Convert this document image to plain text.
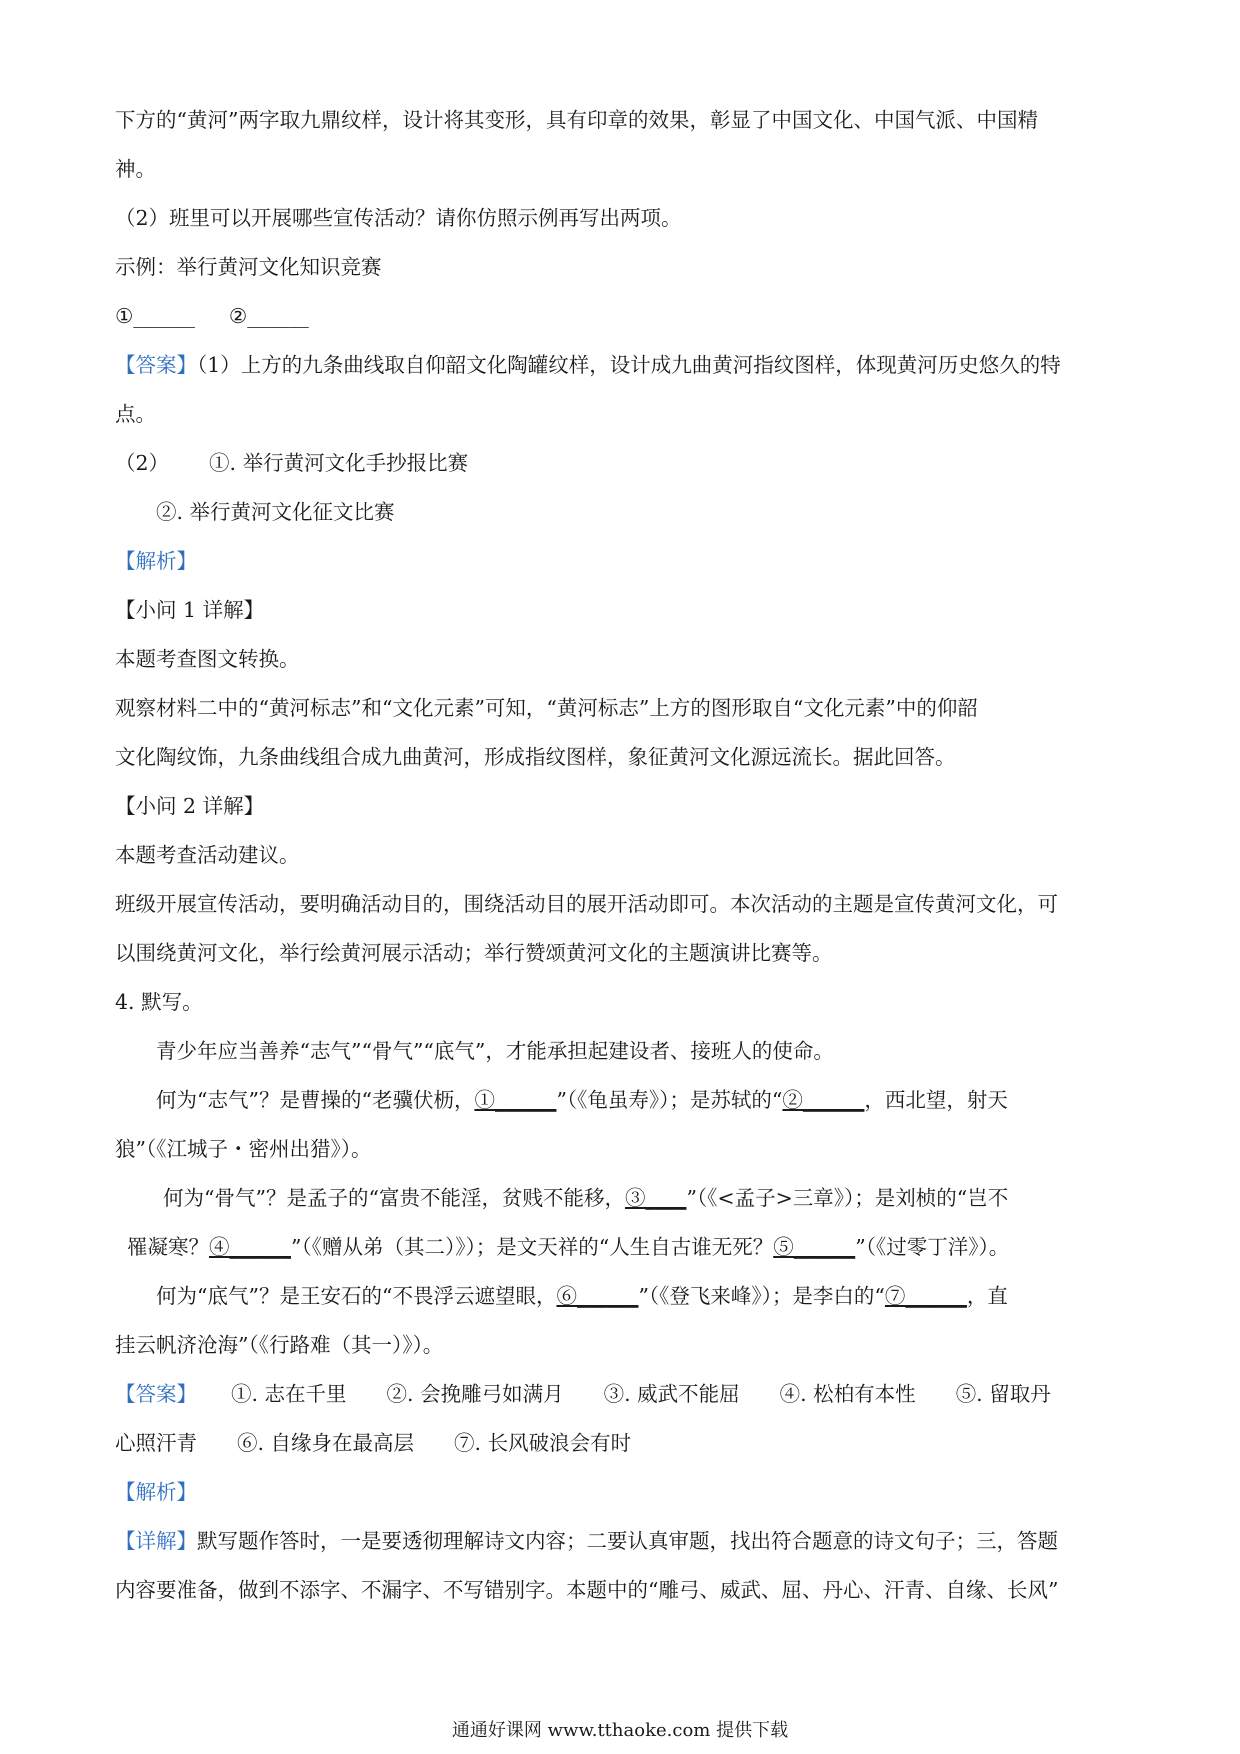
下方的“黄河”两字取九鼎纹样，设计将其变形，具有印章的效果，彰显了中国文化、中国气派、中国精
神。
（2）班里可以开展哪些宣传活动？请你仿照示例再写出两项。
示例：举行黄河文化知识竞赛
①______ ②______
【答案】（1）上方的九条曲线取自仰韶文化陶罐纹样，设计成九曲黄河指纹图样，体现黄河历史悠久的特
点。
（2） ①. 举行黄河文化手抄报比赛
②. 举行黄河文化征文比赛
【解析】
【小问 1 详解】
本题考查图文转换。
观察材料二中的“黄河标志”和“文化元素”可知，“黄河标志”上方的图形取自“文化元素”中的仰韶
文化陶纹饰，九条曲线组合成九曲黄河，形成指纹图样，象征黄河文化源远流长。据此回答。
【小问 2 详解】
本题考查活动建议。
班级开展宣传活动，要明确活动目的，围绕活动目的展开活动即可。本次活动的主题是宣传黄河文化，可
以围绕黄河文化，举行绘黄河展示活动；举行赞颂黄河文化的主题演讲比赛等。
4. 默写。
青少年应当善养“志气”“骨气”“底气”，才能承担起建设者、接班人的使命。
何为“志气”？是曹操的“老骥伏枥，①______”（《龟虽寿》）；是苏轼的“②______，西北望，射天
狼”（《江城子・密州出猎》）。
何为“骨气”？是孟子的“富贵不能淫，贫贱不能移，③____”（《<孟子>三章》）；是刘桢的“岂不
罹凝寒？④______”（《赠从弟（其二）》）；是文天祥的“人生自古谁无死？⑤______”（《过零丁洋》）。
何为“底气”？是王安石的“不畏浮云遮望眼，⑥______”（《登飞来峰》）；是李白的“⑦______，直
挂云帆济沧海”（《行路难（其一）》）。
【答案】 ①. 志在千里 ②. 会挽雕弓如满月 ③. 威武不能屈 ④. 松柏有本性 ⑤. 留取丹
心照汗青 ⑥. 自缘身在最高层 ⑦. 长风破浪会有时
【解析】
【详解】默写题作答时，一是要透彻理解诗文内容；二要认真审题，找出符合题意的诗文句子；三，答题
内容要准备，做到不添字、不漏字、不写错别字。本题中的“雕弓、威武、屈、丹心、汗青、自缘、长风”
通通好课网 www.tthaoke.com 提供下载
